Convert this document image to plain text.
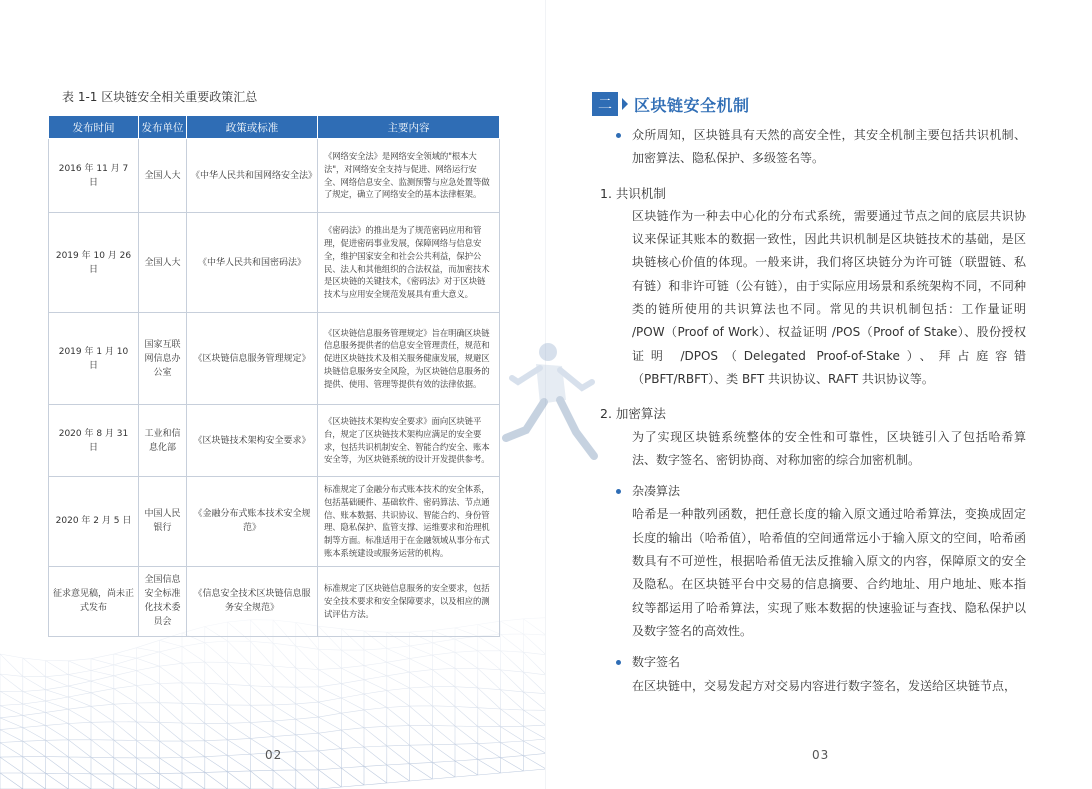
表 1-1 区块链安全相关重要政策汇总
发布时间	发布单位	政策或标准	主要内容
2016 年 11 月 7 日	全国人大	《中华人民共和国网络安全法》	《网络安全法》是网络安全领域的"根本大法"，对网络安全支持与促进、网络运行安全、网络信息安全、监测预警与应急处置等做了规定，确立了网络安全的基本法律框架。
2019 年 10 月 26 日	全国人大	《中华人民共和国密码法》	《密码法》的推出是为了规范密码应用和管理，促进密码事业发展，保障网络与信息安全，维护国家安全和社会公共利益，保护公民、法人和其他组织的合法权益，而加密技术是区块链的关键技术，《密码法》对于区块链技术与应用安全规范发展具有重大意义。
2019 年 1 月 10 日	国家互联网信息办公室	《区块链信息服务管理规定》	《区块链信息服务管理规定》旨在明确区块链信息服务提供者的信息安全管理责任，规范和促进区块链技术及相关服务健康发展，规避区块链信息服务安全风险，为区块链信息服务的提供、使用、管理等提供有效的法律依据。
2020 年 8 月 31 日	工业和信息化部	《区块链技术架构安全要求》	《区块链技术架构安全要求》面向区块链平台，规定了区块链技术架构应满足的安全要求，包括共识机制安全、智能合约安全、账本安全等，为区块链系统的设计开发提供参考。
2020 年 2 月 5 日	中国人民银行	《金融分布式账本技术安全规范》	标准规定了金融分布式账本技术的安全体系，包括基础硬件、基础软件、密码算法、节点通信、账本数据、共识协议、智能合约、身份管理、隐私保护、监管支撑、运维要求和治理机制等方面。标准适用于在金融领域从事分布式账本系统建设或服务运营的机构。
征求意见稿，尚未正式发布	全国信息安全标准化技术委员会	《信息安全技术区块链信息服务安全规范》	标准规定了区块链信息服务的安全要求，包括安全技术要求和安全保障要求，以及相应的测试评估方法。
02
二	区块链安全机制
众所周知，区块链具有天然的高安全性，其安全机制主要包括共识机制、加密算法、隐私保护、多级签名等。
1. 共识机制
区块链作为一种去中心化的分布式系统，需要通过节点之间的底层共识协议来保证其账本的数据一致性，因此共识机制是区块链技术的基础，是区块链核心价值的体现。一般来讲，我们将区块链分为许可链（联盟链、私有链）和非许可链（公有链），由于实际应用场景和系统架构不同，不同种类的链所使用的共识算法也不同。常见的共识机制包括：工作量证明 /POW（Proof of Work）、权益证明 /POS（Proof of Stake）、股份授权证明 /DPOS（Delegated Proof-of-Stake）、拜占庭容错（PBFT/RBFT）、类 BFT 共识协议、RAFT 共识协议等。
2. 加密算法
为了实现区块链系统整体的安全性和可靠性，区块链引入了包括哈希算法、数字签名、密钥协商、对称加密的综合加密机制。
杂凑算法
哈希是一种散列函数，把任意长度的输入原文通过哈希算法，变换成固定长度的输出（哈希值），哈希值的空间通常远小于输入原文的空间，哈希函数具有不可逆性，根据哈希值无法反推输入原文的内容，保障原文的安全及隐私。在区块链平台中交易的信息摘要、合约地址、用户地址、账本指纹等都运用了哈希算法，实现了账本数据的快速验证与查找、隐私保护以及数字签名的高效性。
数字签名
在区块链中，交易发起方对交易内容进行数字签名，发送给区块链节点，
03
